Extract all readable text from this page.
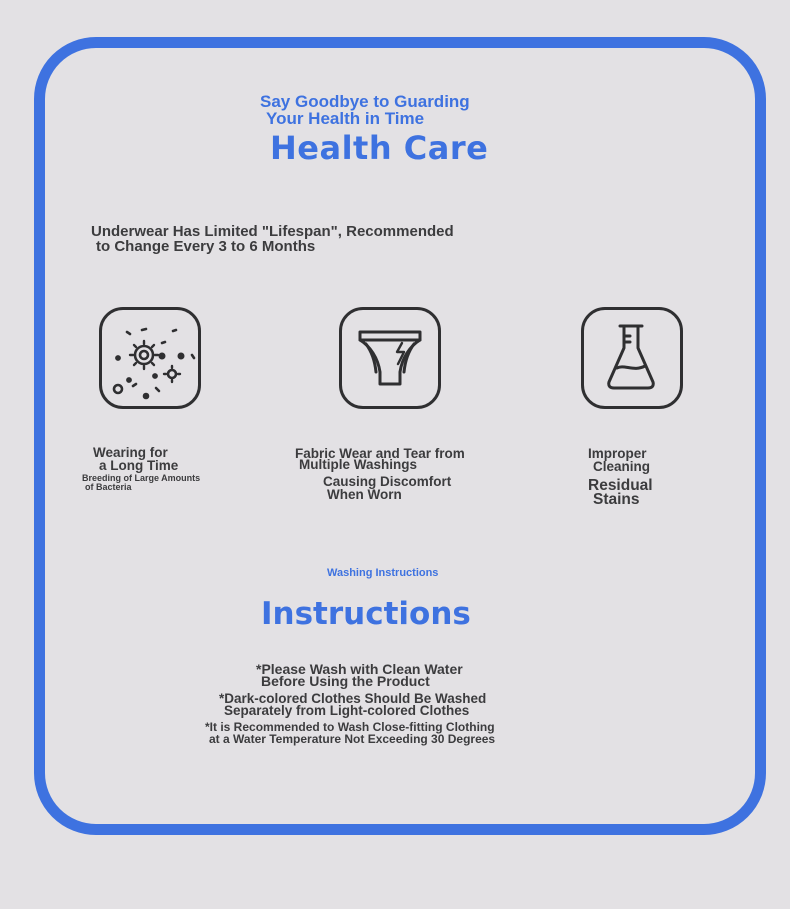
Say Goodbye to Guarding
Your Health in Time
Health Care
Underwear Has Limited "Lifespan", Recommended
to Change Every 3 to 6 Months
Wearing for
a Long Time
Breeding of Large Amounts
of Bacteria
Fabric Wear and Tear from
Multiple Washings
Causing Discomfort
When Worn
Improper
Cleaning
Residual
Stains
Washing Instructions
Instructions
*Please Wash with Clean Water
Before Using the Product
*Dark-colored Clothes Should Be Washed
Separately from Light-colored Clothes
*It is Recommended to Wash Close-fitting Clothing
at a Water Temperature Not Exceeding 30 Degrees
